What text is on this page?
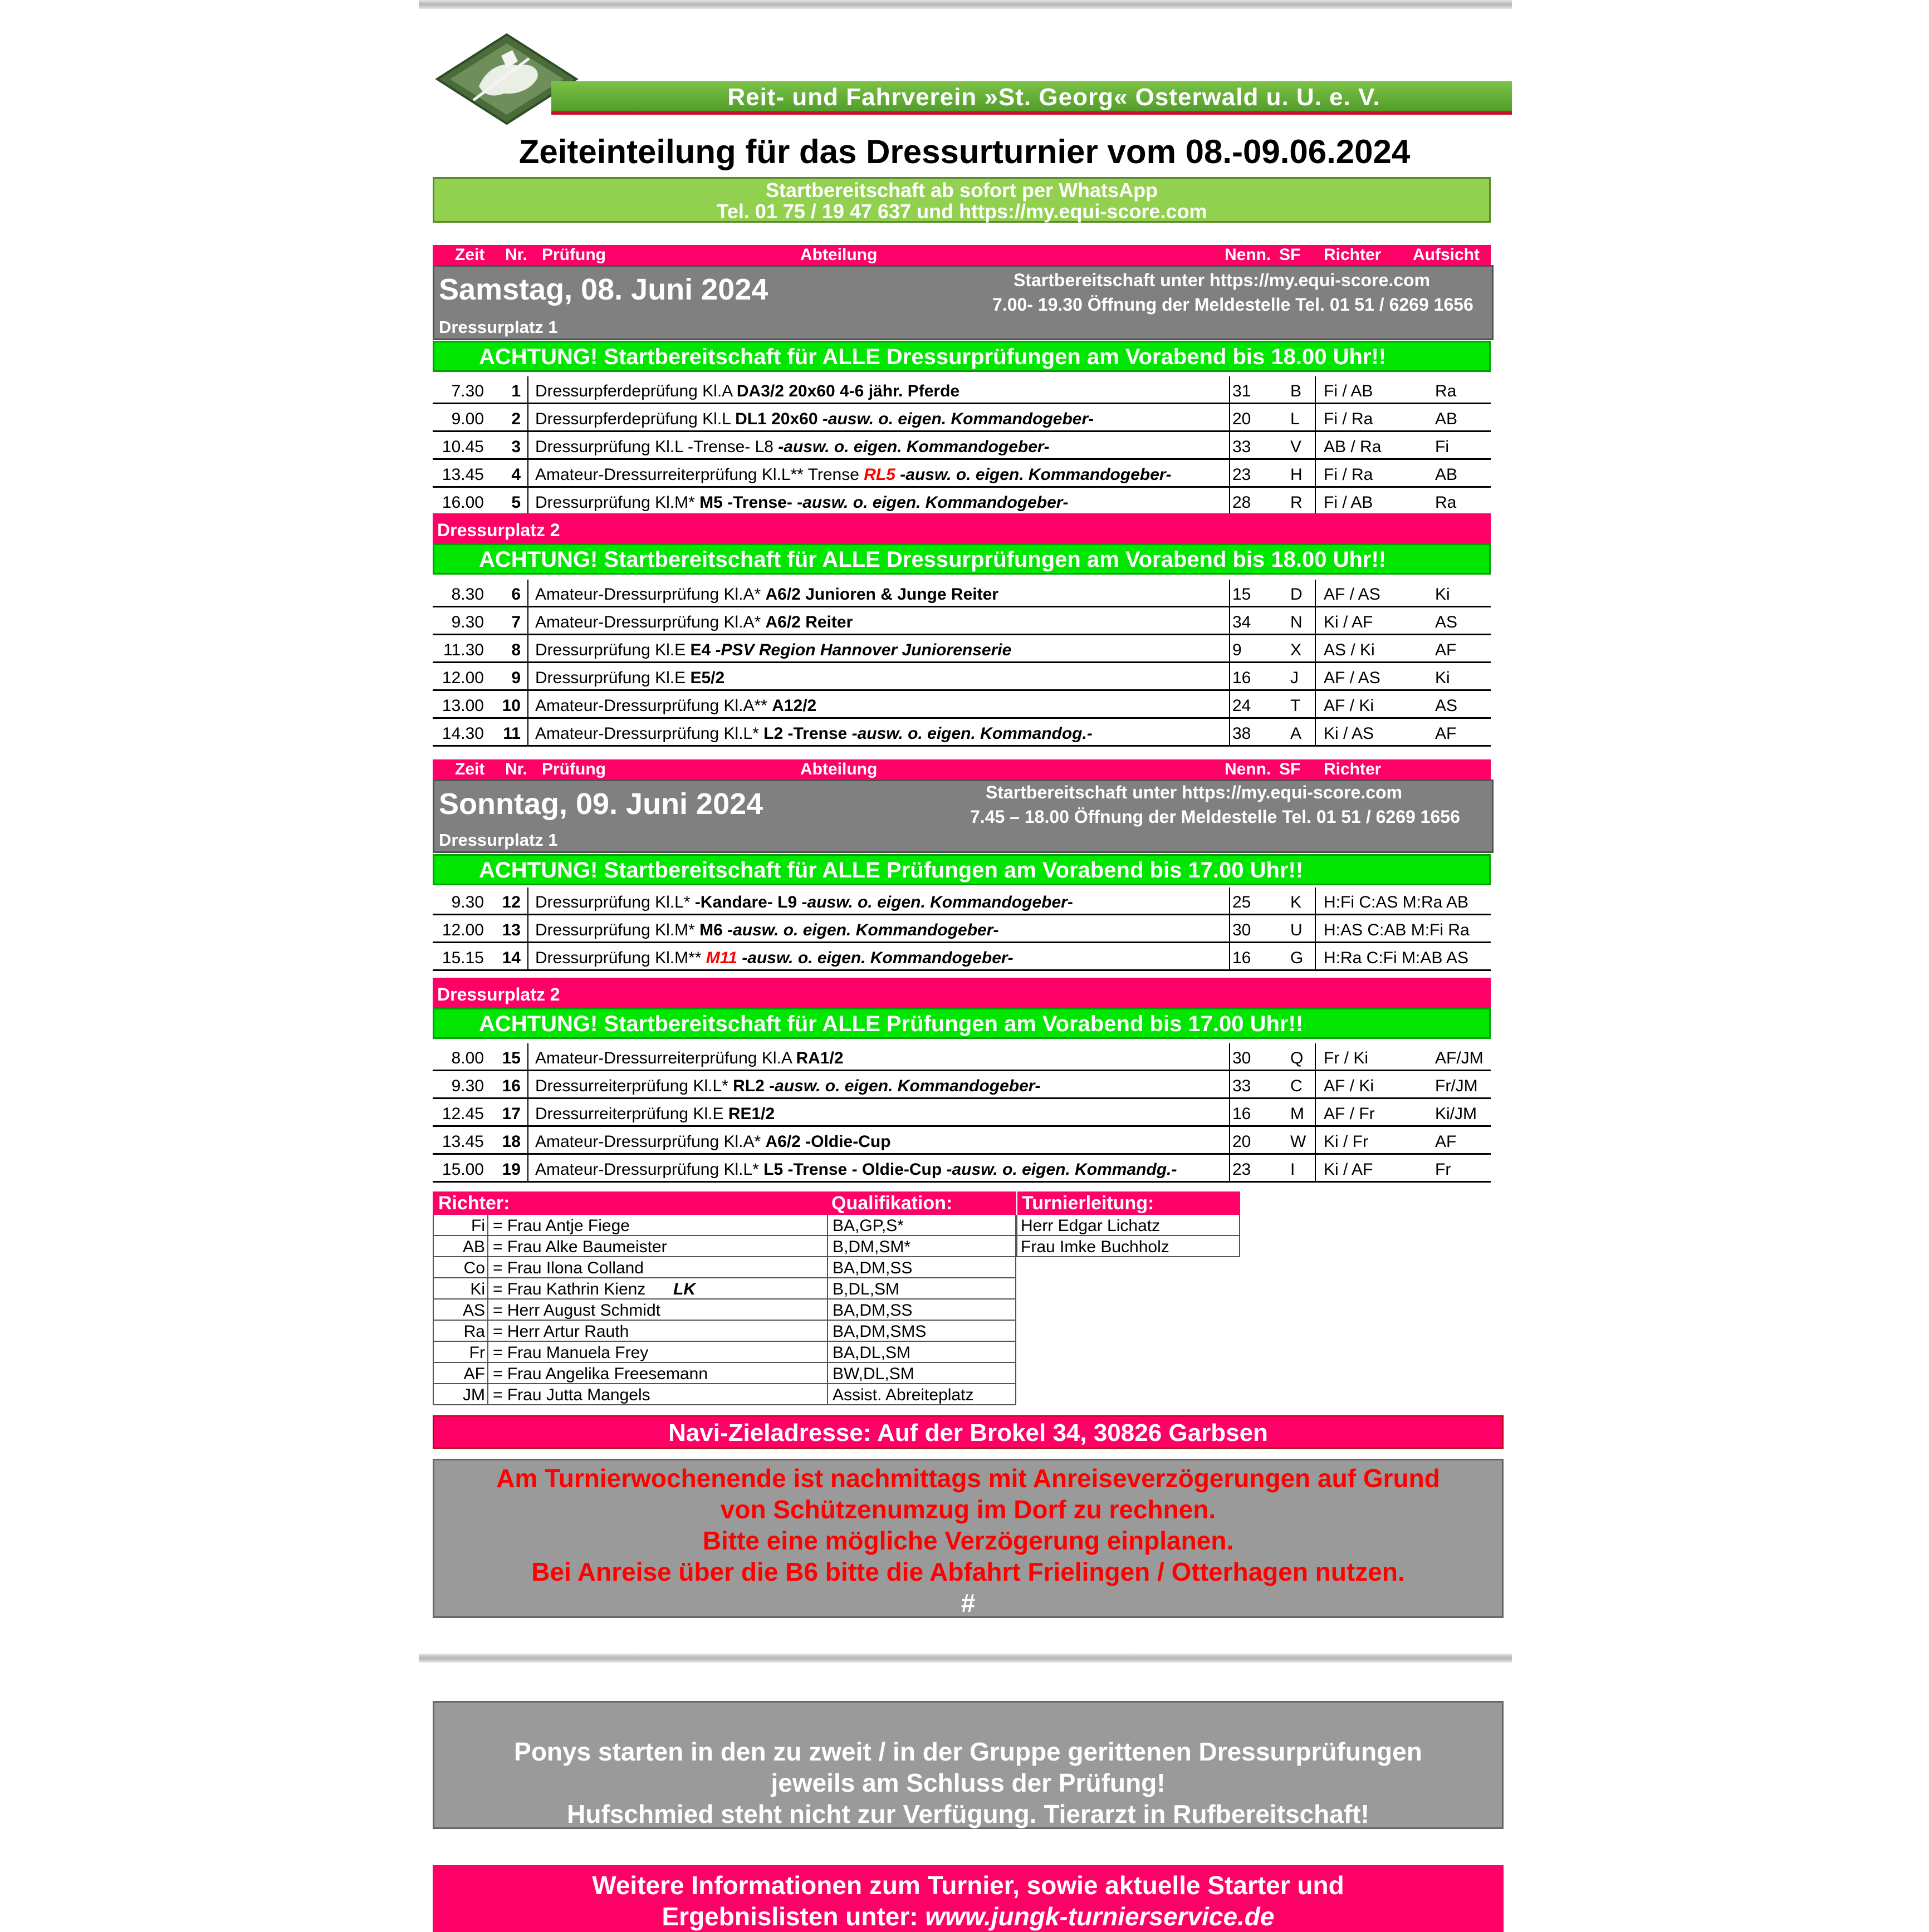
Reit- und Fahrverein »St. Georg« Osterwald u. U. e. V.
Zeiteinteilung für das Dressurturnier vom 08.-09.06.2024
Startbereitschaft ab sofort per WhatsApp
Tel. 01 75 / 19 47 637 und https://my.equi-score.com
Zeit Nr. Prüfung	Abteilung	Nenn. SF Richter Aufsicht
Samstag, 08. Juni 2024	Startbereitschaft unter https://my.equi-score.com
7.00- 19.30 Öffnung der Meldestelle Tel. 01 51 / 6269 1656
Dressurplatz 1
ACHTUNG! Startbereitschaft für ALLE Dressurprüfungen am Vorabend bis 18.00 Uhr!!
7.30 1 Dressurpferdeprüfung Kl.A DA3/2 20x60 4-6 jähr. Pferde	31 B Fi / AB	Ra
9.00 2 Dressurpferdeprüfung Kl.L DL1 20x60 -ausw. o. eigen. Kommandogeber-	20 L Fi / Ra	AB
10.45 3 Dressurprüfung Kl.L -Trense- L8 -ausw. o. eigen. Kommandogeber-	33 V AB / Ra	Fi
13.45 4 Amateur-Dressurreiterprüfung Kl.L** Trense RL5 -ausw. o. eigen. Kommandogeber-	23 H Fi / Ra	AB
16.00 5 Dressurprüfung Kl.M* M5 -Trense- -ausw. o. eigen. Kommandogeber-	28 R Fi / AB	Ra
Dressurplatz 2
ACHTUNG! Startbereitschaft für ALLE Dressurprüfungen am Vorabend bis 18.00 Uhr!!
8.30 6 Amateur-Dressurprüfung Kl.A* A6/2 Junioren & Junge Reiter	15 D AF / AS	Ki
9.30 7 Amateur-Dressurprüfung Kl.A* A6/2 Reiter	34 N Ki / AF	AS
11.30 8 Dressurprüfung Kl.E E4 -PSV Region Hannover Juniorenserie	9	X AS / Ki	AF
12.00 9 Dressurprüfung Kl.E E5/2	16 J AF / AS	Ki
13.00 10 Amateur-Dressurprüfung Kl.A** A12/2	24 T AF / Ki	AS
14.30 11 Amateur-Dressurprüfung Kl.L* L2 -Trense -ausw. o. eigen. Kommandog.-	38 A Ki / AS	AF
Zeit Nr. Prüfung	Abteilung	Nenn. SF Richter
Sonntag, 09. Juni 2024	Startbereitschaft unter https://my.equi-score.com
7.45 – 18.00 Öffnung der Meldestelle Tel. 01 51 / 6269 1656
Dressurplatz 1
ACHTUNG! Startbereitschaft für ALLE Prüfungen am Vorabend bis 17.00 Uhr!!
9.30 12 Dressurprüfung Kl.L* -Kandare- L9 -ausw. o. eigen. Kommandogeber-	25 K H:Fi C:AS M:Ra AB
12.00 13 Dressurprüfung Kl.M* M6 -ausw. o. eigen. Kommandogeber-	30 U H:AS C:AB M:Fi Ra
15.15 14 Dressurprüfung Kl.M** M11 -ausw. o. eigen. Kommandogeber-	16 G H:Ra C:Fi M:AB AS
Dressurplatz 2
ACHTUNG! Startbereitschaft für ALLE Prüfungen am Vorabend bis 17.00 Uhr!!
8.00 15 Amateur-Dressurreiterprüfung Kl.A RA1/2	30 Q Fr / Ki	AF/JM
9.30 16 Dressurreiterprüfung Kl.L* RL2 -ausw. o. eigen. Kommandogeber-	33 C AF / Ki	Fr/JM
12.45 17 Dressurreiterprüfung Kl.E RE1/2	16 M AF / Fr	Ki/JM
13.45 18 Amateur-Dressurprüfung Kl.A* A6/2 -Oldie-Cup	20 W Ki / Fr	AF
15.00 19 Amateur-Dressurprüfung Kl.L* L5 -Trense - Oldie-Cup -ausw. o. eigen. Kommandg.-	23 I Ki / AF	Fr
Richter:	Qualifikation:	Turnierleitung:
Fi = Frau Antje Fiege	BA,GP,S*
AB = Frau Alke Baumeister	B,DM,SM*
Co = Frau Ilona Colland	BA,DM,SS
Ki = Frau Kathrin Kienz LK	B,DL,SM
AS = Herr August Schmidt	BA,DM,SS
Ra = Herr Artur Rauth	BA,DM,SMS
Fr = Frau Manuela Frey	BA,DL,SM
AF = Frau Angelika Freesemann	BW,DL,SM
JM = Frau Jutta Mangels	Assist. Abreiteplatz
Herr Edgar Lichatz
Frau Imke Buchholz
Navi-Zieladresse: Auf der Brokel 34, 30826 Garbsen
Am Turnierwochenende ist nachmittags mit Anreiseverzögerungen auf Grund
von Schützenumzug im Dorf zu rechnen.
Bitte eine mögliche Verzögerung einplanen.
Bei Anreise über die B6 bitte die Abfahrt Frielingen / Otterhagen nutzen.
#
Ponys starten in den zu zweit / in der Gruppe gerittenen Dressurprüfungen
jeweils am Schluss der Prüfung!
Hufschmied steht nicht zur Verfügung. Tierarzt in Rufbereitschaft!
Weitere Informationen zum Turnier, sowie aktuelle Starter und
Ergebnislisten unter: www.jungk-turnierservice.de
